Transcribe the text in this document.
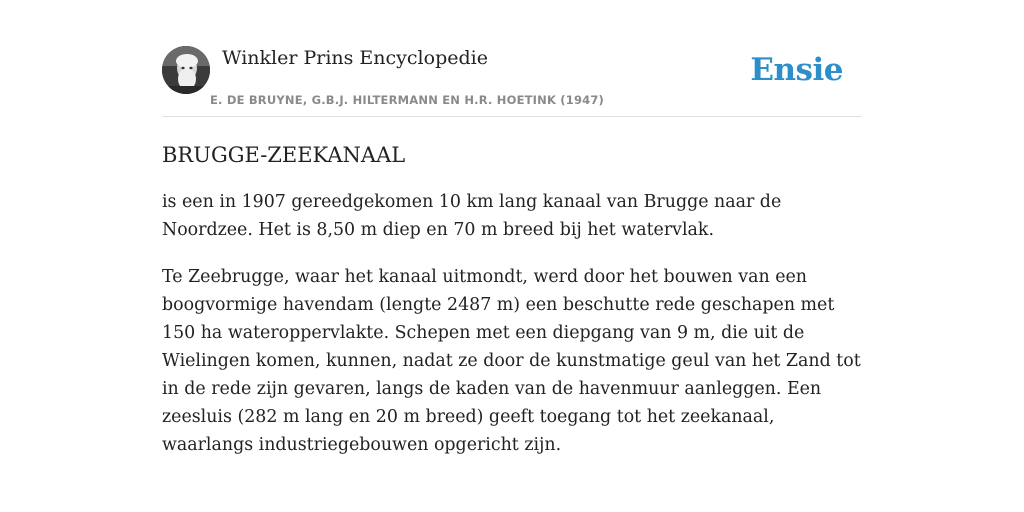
Winkler Prins Encyclopedie
E. DE BRUYNE, G.B.J. HILTERMANN EN H.R. HOETINK (1947)
Ensie
BRUGGE-ZEEKANAAL

is een in 1907 gereedgekomen 10 km lang kanaal van Brugge naar de Noordzee. Het is 8,50 m diep en 70 m breed bij het watervlak.

Te Zeebrugge, waar het kanaal uitmondt, werd door het bouwen van een boogvormige havendam (lengte 2487 m) een beschutte rede geschapen met 150 ha wateroppervlakte. Schepen met een diepgang van 9 m, die uit de Wielingen komen, kunnen, nadat ze door de kunstmatige geul van het Zand tot in de rede zijn gevaren, langs de kaden van de havenmuur aanleggen. Een zeesluis (282 m lang en 20 m breed) geeft toegang tot het zeekanaal, waarlangs industriegebouwen opgericht zijn.
